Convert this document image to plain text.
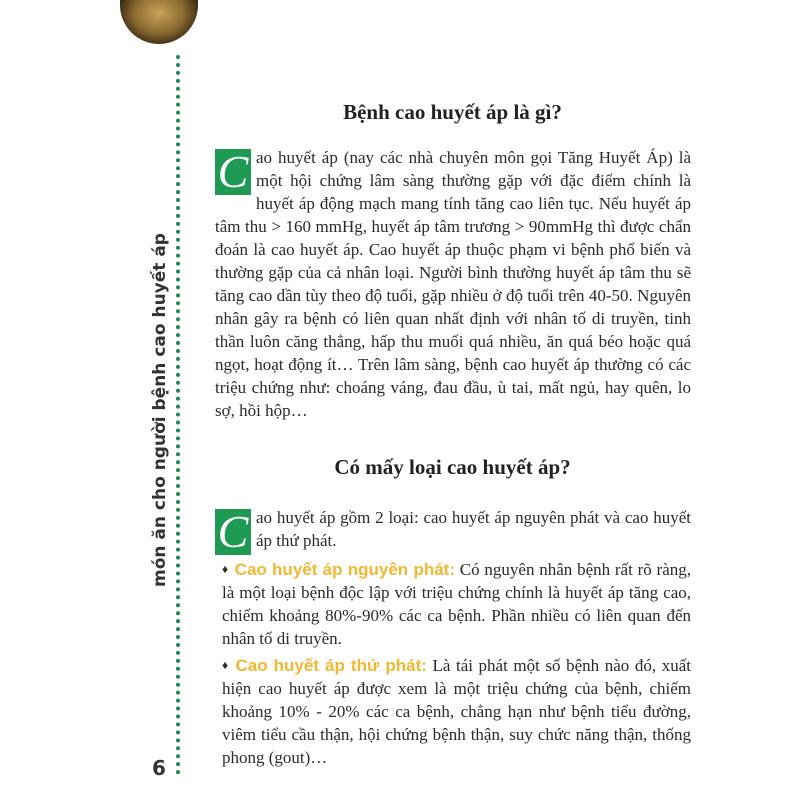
món ăn cho người bệnh cao huyết áp
6
Bệnh cao huyết áp là gì?
C ao huyết áp (nay các nhà chuyên môn gọi Tăng Huyết Áp) là một hội chứng lâm sàng thường gặp với đặc điểm chính là huyết áp động mạch mang tính tăng cao liên tục. Nếu huyết áp tâm thu > 160 mmHg, huyết áp tâm trương > 90mmHg thì được chẩn đoán là cao huyết áp. Cao huyết áp thuộc phạm vi bệnh phổ biến và thường gặp của cả nhân loại. Người bình thường huyết áp tâm thu sẽ tăng cao dần tùy theo độ tuổi, gặp nhiều ở độ tuổi trên 40-50. Nguyên nhân gây ra bệnh có liên quan nhất định với nhân tố di truyền, tinh thần luôn căng thẳng, hấp thu muối quá nhiều, ăn quá béo hoặc quá ngọt, hoạt động ít… Trên lâm sàng, bệnh cao huyết áp thường có các triệu chứng như: choáng váng, đau đầu, ù tai, mất ngủ, hay quên, lo sợ, hồi hộp…
Có mấy loại cao huyết áp?
C ao huyết áp gồm 2 loại: cao huyết áp nguyên phát và cao huyết áp thứ phát.
♦ Cao huyết áp nguyên phát: Có nguyên nhân bệnh rất rõ ràng, là một loại bệnh độc lập với triệu chứng chính là huyết áp tăng cao, chiếm khoảng 80%-90% các ca bệnh. Phần nhiều có liên quan đến nhân tố di truyền.
♦ Cao huyết áp thứ phát: Là tái phát một số bệnh nào đó, xuất hiện cao huyết áp được xem là một triệu chứng của bệnh, chiếm khoảng 10% - 20% các ca bệnh, chẳng hạn như bệnh tiểu đường, viêm tiểu cầu thận, hội chứng bệnh thận, suy chức năng thận, thống phong (gout)…
